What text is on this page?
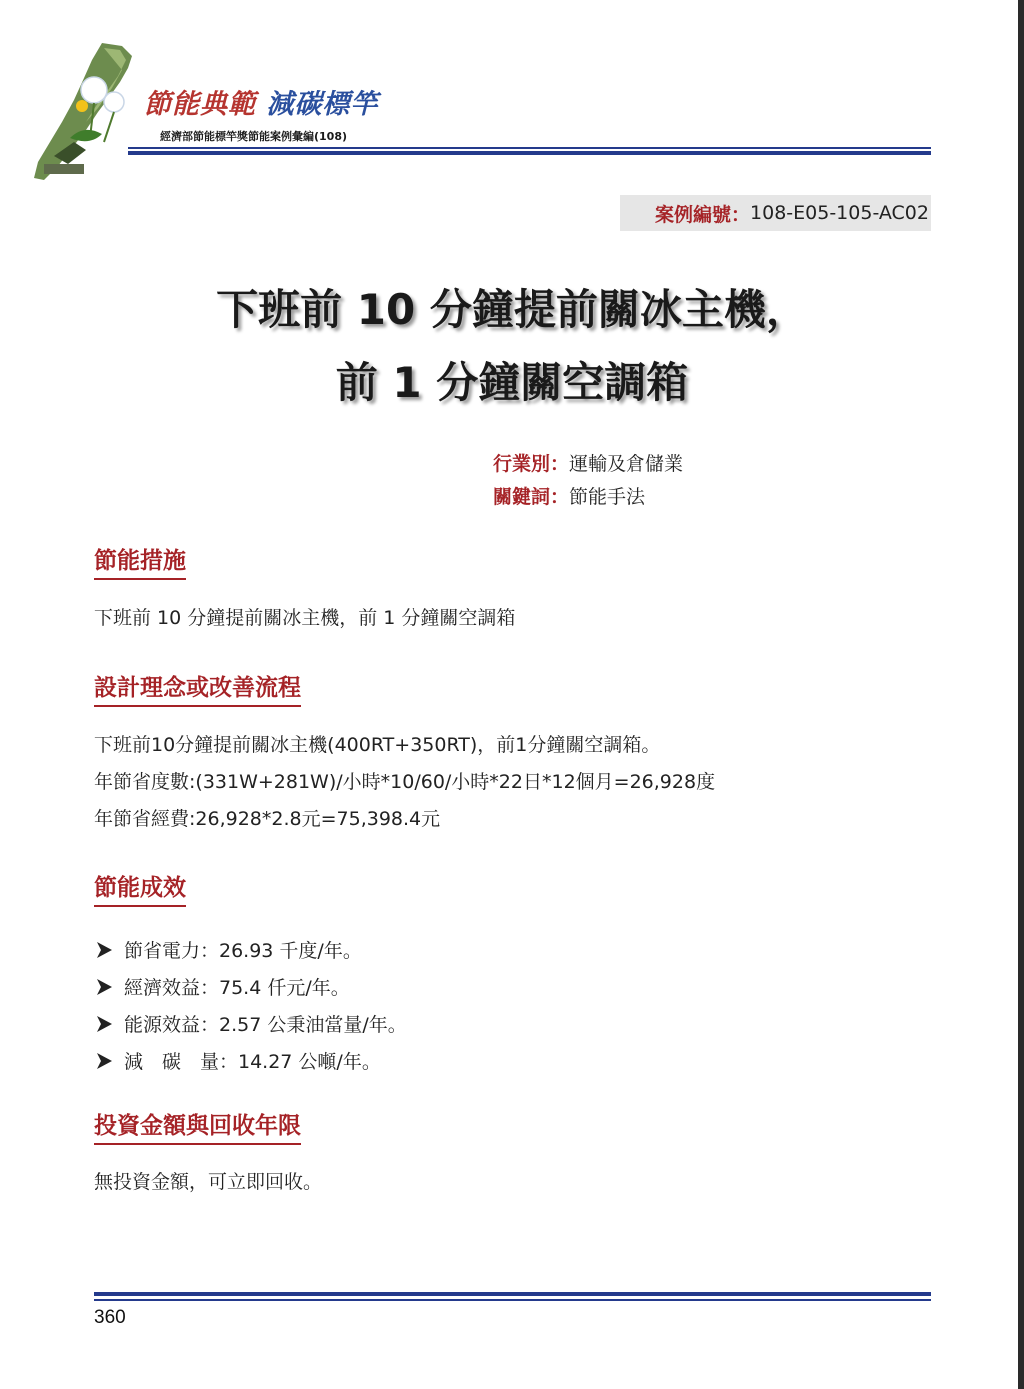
節能典範 減碳標竿
經濟部節能標竿獎節能案例彙編(108)
案例編號： 108-E05-105-AC02
下班前 10 分鐘提前關冰主機，
前 1 分鐘關空調箱
行業別：運輸及倉儲業
關鍵詞：節能手法
節能措施

下班前 10 分鐘提前關冰主機，前 1 分鐘關空調箱

設計理念或改善流程

下班前10分鐘提前關冰主機(400RT+350RT)，前1分鐘關空調箱。

年節省度數:(331W+281W)/小時*10/60/小時*22日*12個月=26,928度

年節省經費:26,928*2.8元=75,398.4元

節能成效
節省電力：26.93 千度/年。
經濟效益：75.4 仟元/年。
能源效益：2.57 公秉油當量/年。
減　碳　量：14.27 公噸/年。
投資金額與回收年限

無投資金額，可立即回收。

360
